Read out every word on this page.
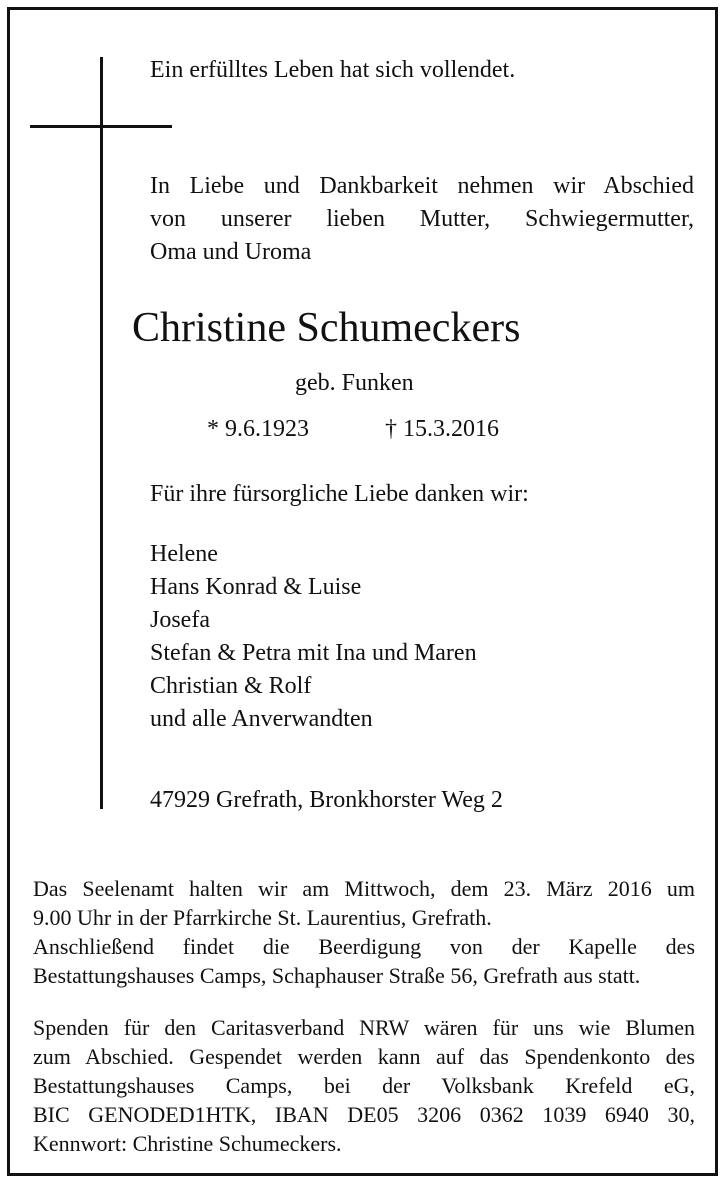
Ein erfülltes Leben hat sich vollendet.
In Liebe und Dankbarkeit nehmen wir Abschied
von unserer lieben Mutter, Schwiegermutter,
Oma und Uroma
Christine Schumeckers
geb. Funken
* 9.6.1923	† 15.3.2016
Für ihre fürsorgliche Liebe danken wir:
Helene
Hans Konrad & Luise
Josefa
Stefan & Petra mit Ina und Maren
Christian & Rolf
und alle Anverwandten
47929 Grefrath, Bronkhorster Weg 2
Das Seelenamt halten wir am Mittwoch, dem 23. März 2016 um
9.00 Uhr in der Pfarrkirche St. Laurentius, Grefrath.
Anschließend findet die Beerdigung von der Kapelle des
Bestattungshauses Camps, Schaphauser Straße 56, Grefrath aus statt.
Spenden für den Caritasverband NRW wären für uns wie Blumen
zum Abschied. Gespendet werden kann auf das Spendenkonto des
Bestattungshauses Camps, bei der Volksbank Krefeld eG,
BIC GENODED1HTK, IBAN DE05 3206 0362 1039 6940 30,
Kennwort: Christine Schumeckers.
